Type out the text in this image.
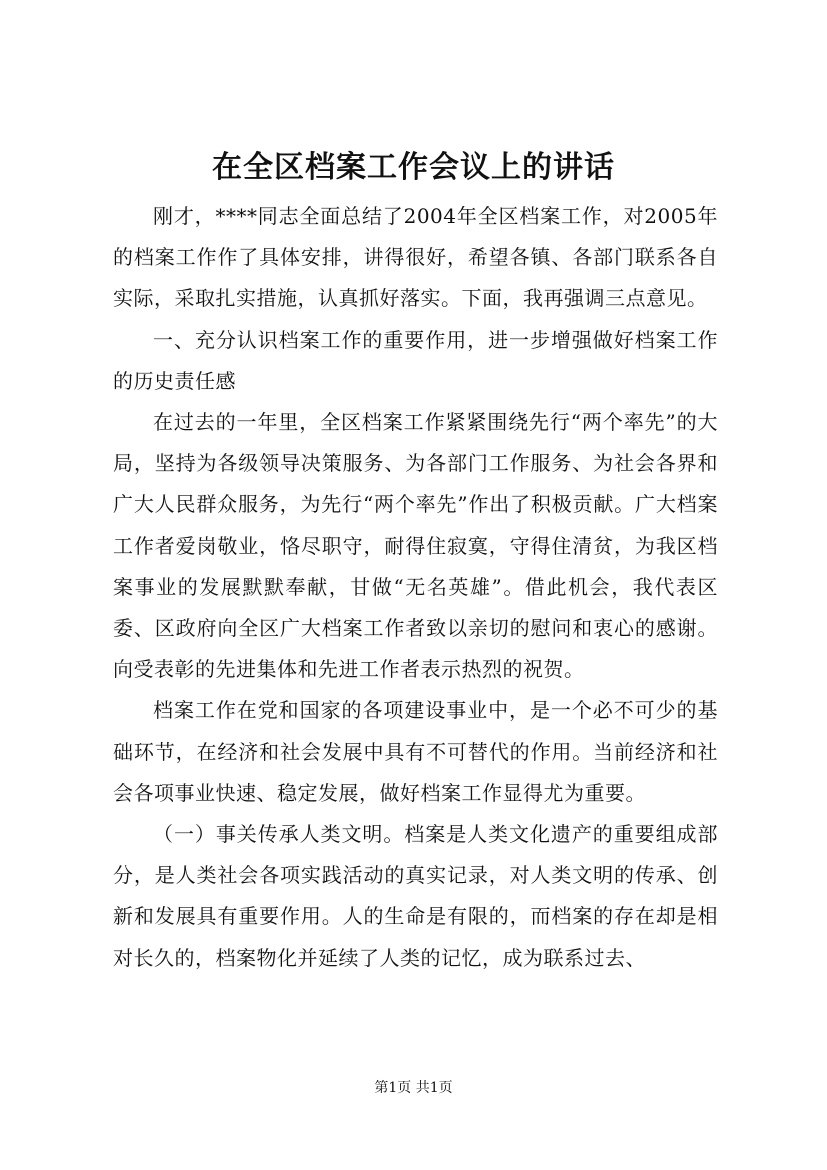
在全区档案工作会议上的讲话

刚才，****同志全面总结了2004年全区档案工作，对2005年的档案工作作了具体安排，讲得很好，希望各镇、各部门联系各自实际，采取扎实措施，认真抓好落实。下面，我再强调三点意见。

一、充分认识档案工作的重要作用，进一步增强做好档案工作的历史责任感

在过去的一年里，全区档案工作紧紧围绕先行“两个率先”的大局，坚持为各级领导决策服务、为各部门工作服务、为社会各界和广大人民群众服务，为先行“两个率先”作出了积极贡献。广大档案工作者爱岗敬业，恪尽职守，耐得住寂寞，守得住清贫，为我区档案事业的发展默默奉献，甘做“无名英雄”。借此机会，我代表区委、区政府向全区广大档案工作者致以亲切的慰问和衷心的感谢。向受表彰的先进集体和先进工作者表示热烈的祝贺。

档案工作在党和国家的各项建设事业中，是一个必不可少的基础环节，在经济和社会发展中具有不可替代的作用。当前经济和社会各项事业快速、稳定发展，做好档案工作显得尤为重要。

（一）事关传承人类文明。档案是人类文化遗产的重要组成部分，是人类社会各项实践活动的真实记录，对人类文明的传承、创新和发展具有重要作用。人的生命是有限的，而档案的存在却是相对长久的，档案物化并延续了人类的记忆，成为联系过去、

第1页 共1页
